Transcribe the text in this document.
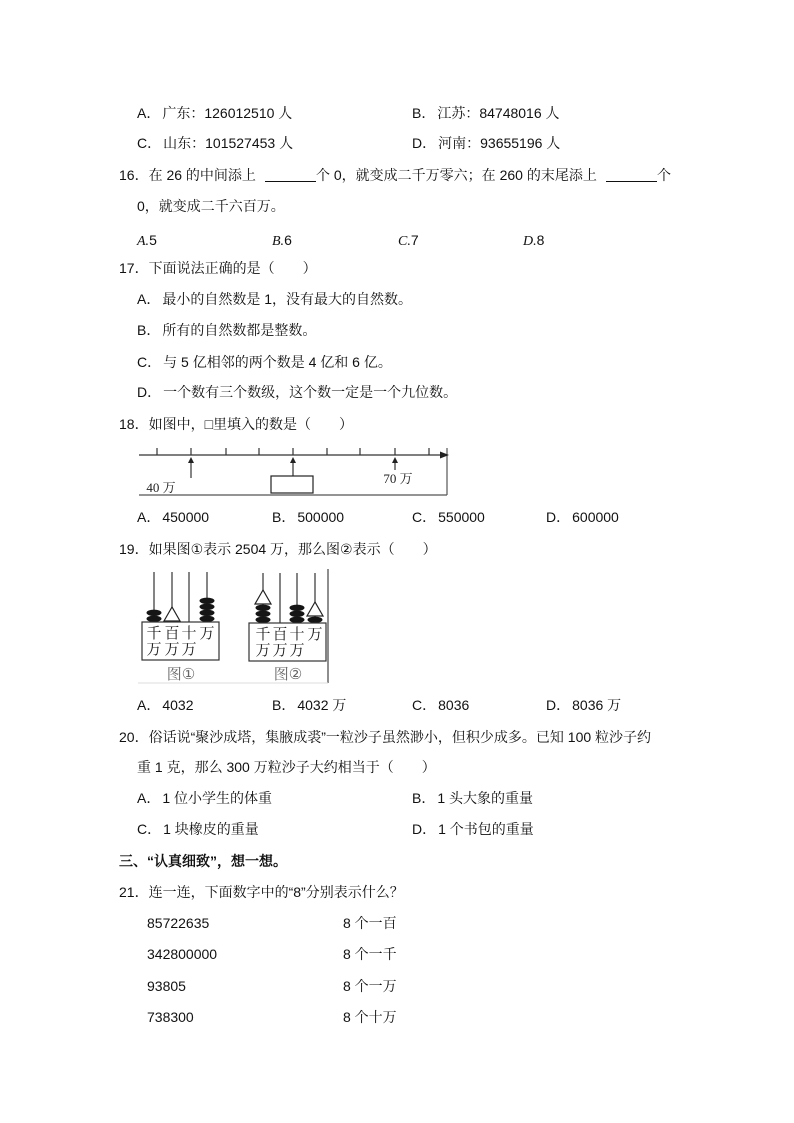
A． 广东：126012510 人	B． 江苏：84748016 人
C． 山东：101527453 人	D． 河南：93655196 人
16．在 26 的中间添上	个 0，就变成二千万零六；在 260 的末尾添上	个
0，就变成二千六百万。
A.5	B.6	C.7	D.8
17．下面说法正确的是（　　）
A． 最小的自然数是 1，没有最大的自然数。
B． 所有的自然数都是整数。
C． 与 5 亿相邻的两个数是 4 亿和 6 亿。
D． 一个数有三个数级，这个数一定是一个九位数。
18．如图中，□里填入的数是（　　）
40 万
70 万
A． 450000	B． 500000	C． 550000	D． 600000
19．如果图①表示 2504 万，那么图②表示（　　）
千 百 十 万
万 万 万
图①
千 百 十 万
万 万 万
图②
A． 4032	B． 4032 万	C． 8036	D． 8036 万
20．俗话说“聚沙成塔，集腋成裘”一粒沙子虽然渺小，但积少成多。已知 100 粒沙子约
重 1 克，那么 300 万粒沙子大约相当于（　　）
A． 1 位小学生的体重	B． 1 头大象的重量
C． 1 块橡皮的重量	D． 1 个书包的重量
三、“认真细致”，想一想。
21．连一连，下面数字中的“8”分别表示什么？
85722635	8 个一百
342800000	8 个一千
93805	8 个一万
738300	8 个十万
